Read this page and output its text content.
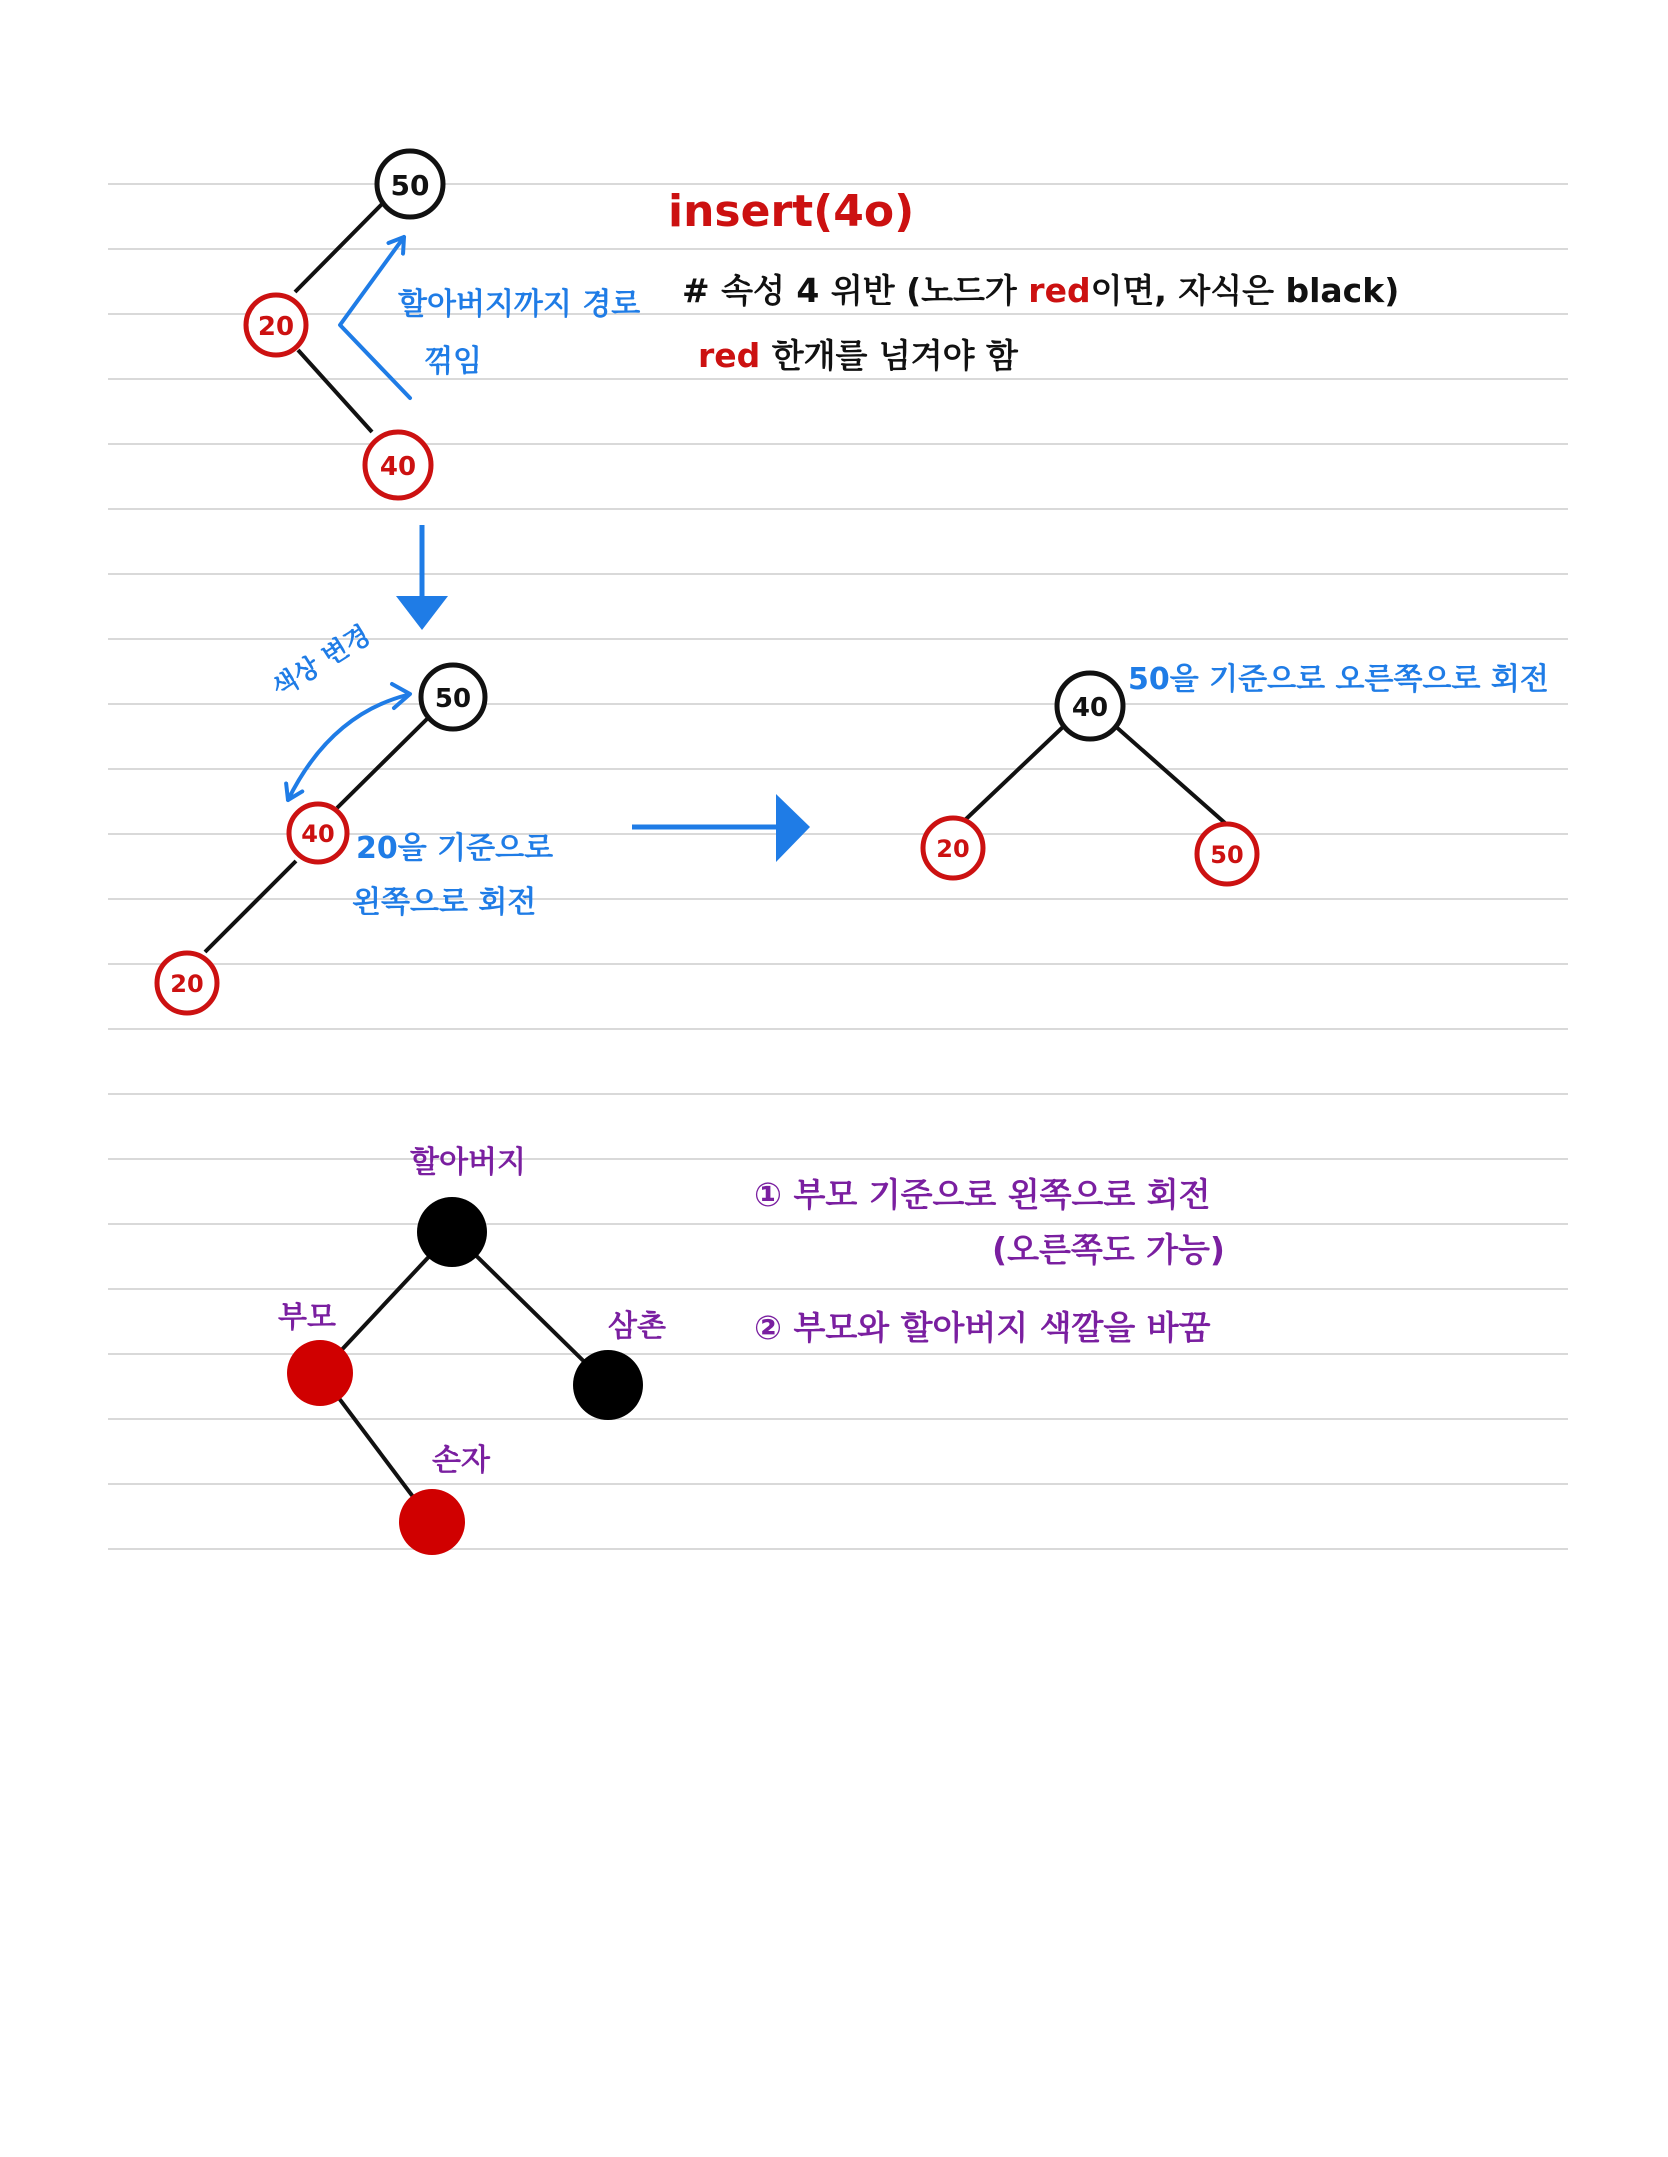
50
20
40
50
40
20
40
20	50
insert(4o)
# 속성 4 위반 (노드가 red이면, 자식은 black)
red 한개를 넘겨야 함
할아버지까지 경로
꺾임
색상 변경
20을 기준으로
왼쪽으로 회전
50을 기준으로 오른쪽으로 회전
할아버지
부모	삼촌
손자
① 부모 기준으로 왼쪽으로 회전
(오른쪽도 가능)
② 부모와 할아버지 색깔을 바꿈
